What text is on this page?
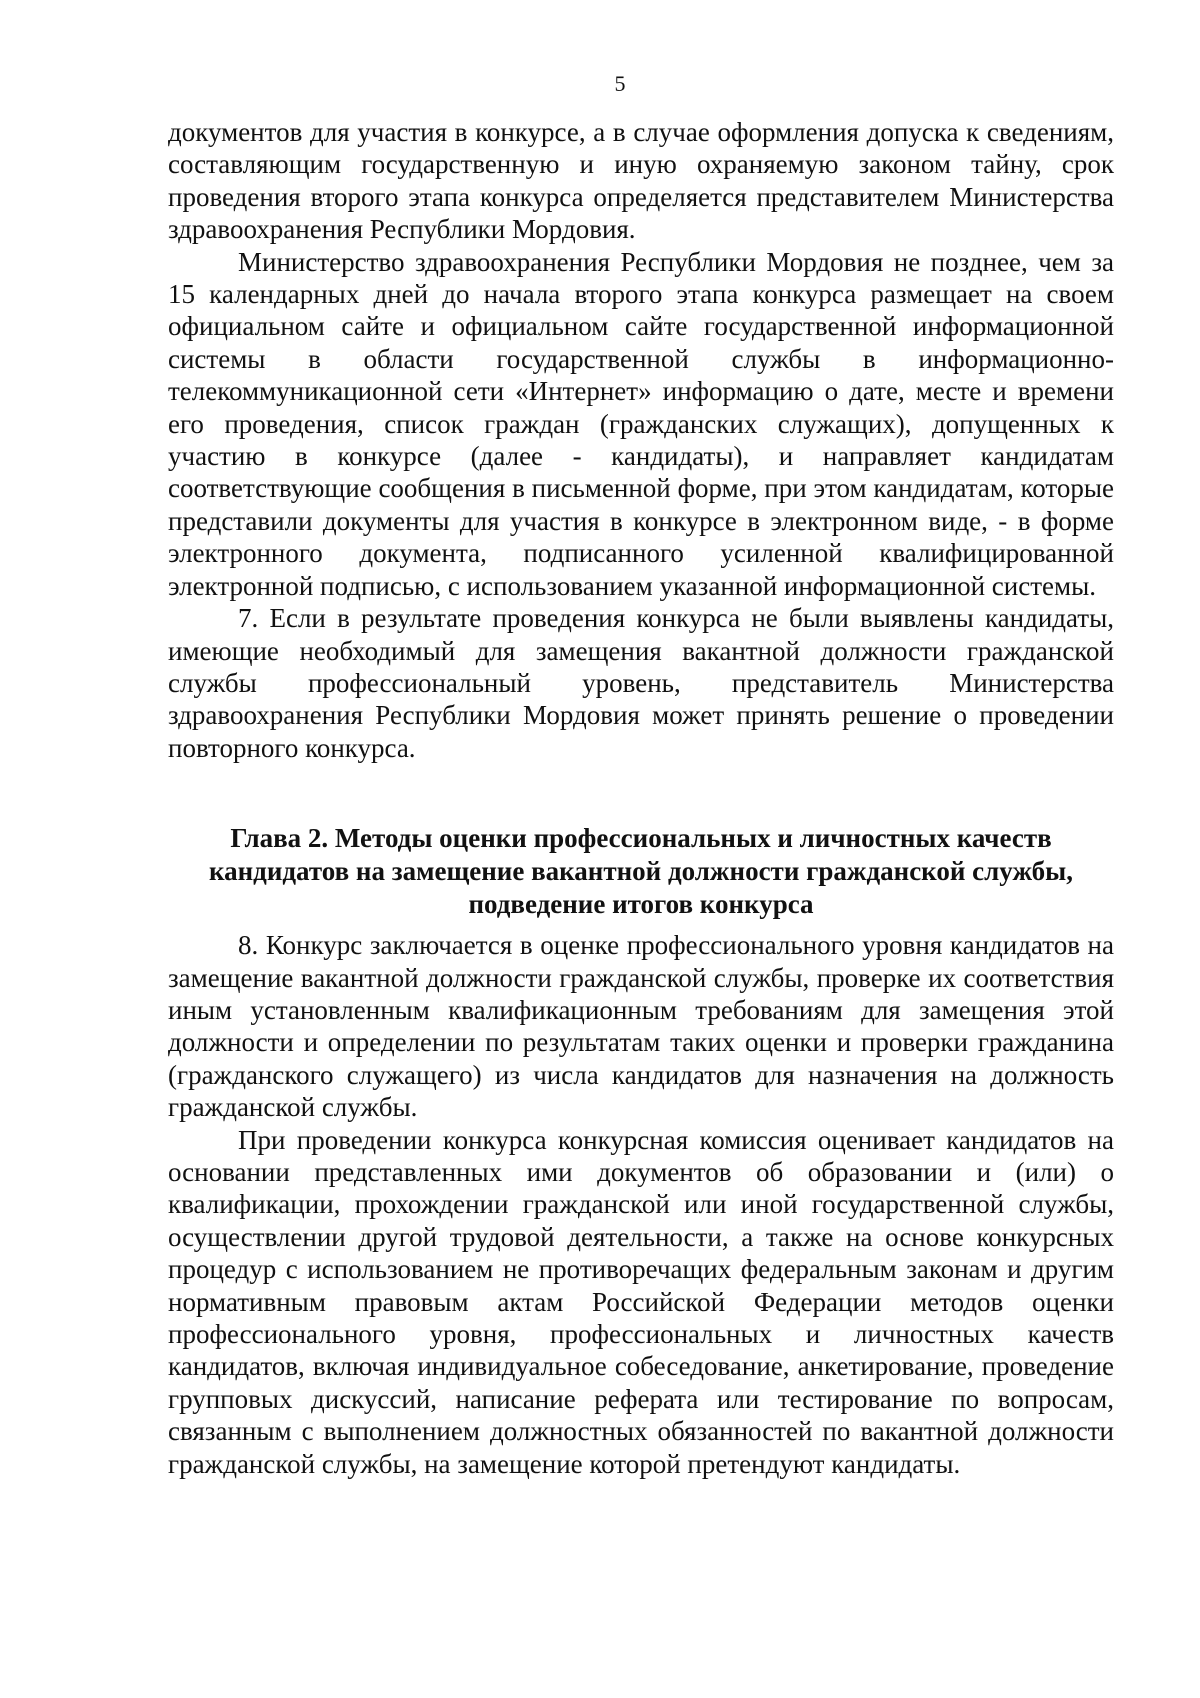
5

документов для участия в конкурсе, а в случае оформления допуска к сведениям, составляющим государственную и иную охраняемую законом тайну, срок проведения второго этапа конкурса определяется представителем Министерства здравоохранения Республики Мордовия.

Министерство здравоохранения Республики Мордовия не позднее, чем за 15 календарных дней до начала второго этапа конкурса размещает на своем официальном сайте и официальном сайте государственной информационной системы в области государственной службы в информационно-телекоммуникационной сети «Интернет» информацию о дате, месте и времени его проведения, список граждан (гражданских служащих), допущенных к участию в конкурсе (далее - кандидаты), и направляет кандидатам соответствующие сообщения в письменной форме, при этом кандидатам, которые представили документы для участия в конкурсе в электронном виде, - в форме электронного документа, подписанного усиленной квалифицированной электронной подписью, с использованием указанной информационной системы.

7. Если в результате проведения конкурса не были выявлены кандидаты, имеющие необходимый для замещения вакантной должности гражданской службы профессиональный уровень, представитель Министерства здравоохранения Республики Мордовия может принять решение о проведении повторного конкурса.

Глава 2. Методы оценки профессиональных и личностных качеств кандидатов на замещение вакантной должности гражданской службы, подведение итогов конкурса

8. Конкурс заключается в оценке профессионального уровня кандидатов на замещение вакантной должности гражданской службы, проверке их соответствия иным установленным квалификационным требованиям для замещения этой должности и определении по результатам таких оценки и проверки гражданина (гражданского служащего) из числа кандидатов для назначения на должность гражданской службы.

При проведении конкурса конкурсная комиссия оценивает кандидатов на основании представленных ими документов об образовании и (или) о квалификации, прохождении гражданской или иной государственной службы, осуществлении другой трудовой деятельности, а также на основе конкурсных процедур с использованием не противоречащих федеральным законам и другим нормативным правовым актам Российской Федерации методов оценки профессионального уровня, профессиональных и личностных качеств кандидатов, включая индивидуальное собеседование, анкетирование, проведение групповых дискуссий, написание реферата или тестирование по вопросам, связанным с выполнением должностных обязанностей по вакантной должности гражданской службы, на замещение которой претендуют кандидаты.
